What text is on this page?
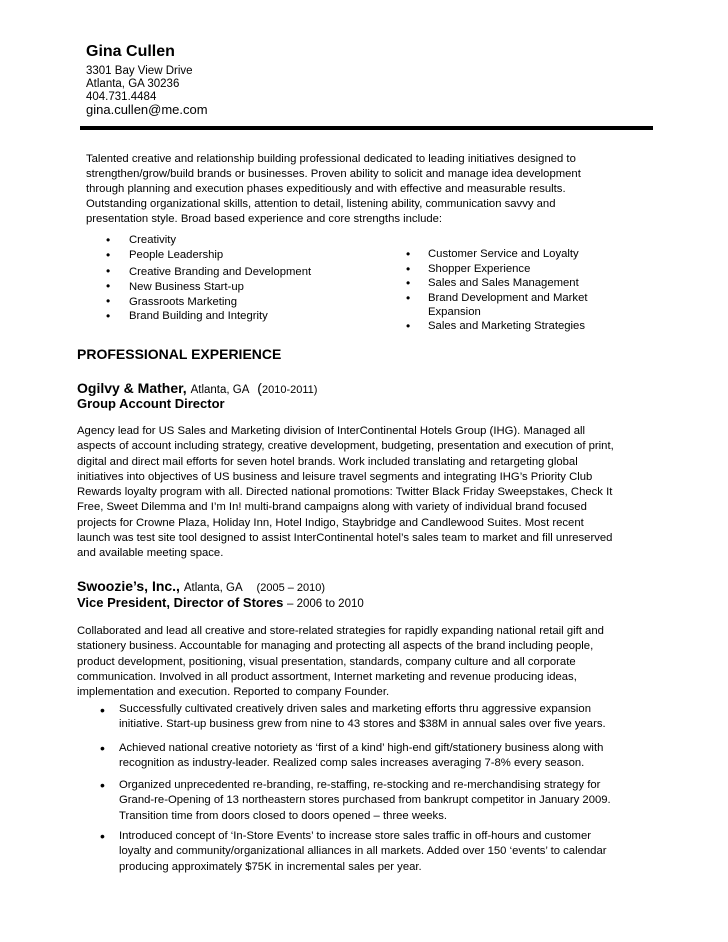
Gina Cullen
3301 Bay View Drive
Atlanta, GA 30236
404.731.4484
gina.cullen@me.com
Talented creative and relationship building professional dedicated to leading initiatives designed to
strengthen/grow/build brands or businesses. Proven ability to solicit and manage idea development
through planning and execution phases expeditiously and with effective and measurable results.
Outstanding organizational skills, attention to detail, listening ability, communication savvy and
presentation style. Broad based experience and core strengths include:
• Creativity
• People Leadership
• Creative Branding and Development
• New Business Start-up
• Grassroots Marketing
• Brand Building and Integrity
• Customer Service and Loyalty
• Shopper Experience
• Sales and Sales Management
• Brand Development and Market
Expansion
• Sales and Marketing Strategies
PROFESSIONAL EXPERIENCE
Ogilvy & Mather, Atlanta, GA (2010-2011)
Group Account Director
Agency lead for US Sales and Marketing division of InterContinental Hotels Group (IHG). Managed all
aspects of account including strategy, creative development, budgeting, presentation and execution of print,
digital and direct mail efforts for seven hotel brands. Work included translating and retargeting global
initiatives into objectives of US business and leisure travel segments and integrating IHG’s Priority Club
Rewards loyalty program with all. Directed national promotions: Twitter Black Friday Sweepstakes, Check It
Free, Sweet Dilemma and I’m In! multi-brand campaigns along with variety of individual brand focused
projects for Crowne Plaza, Holiday Inn, Hotel Indigo, Staybridge and Candlewood Suites. Most recent
launch was test site tool designed to assist InterContinental hotel’s sales team to market and fill unreserved
and available meeting space.
Swoozie’s, Inc., Atlanta, GA (2005 – 2010)
Vice President, Director of Stores – 2006 to 2010
Collaborated and lead all creative and store-related strategies for rapidly expanding national retail gift and
stationery business. Accountable for managing and protecting all aspects of the brand including people,
product development, positioning, visual presentation, standards, company culture and all corporate
communication. Involved in all product assortment, Internet marketing and revenue producing ideas,
implementation and execution. Reported to company Founder.
• Successfully cultivated creatively driven sales and marketing efforts thru aggressive expansion
initiative. Start-up business grew from nine to 43 stores and $38M in annual sales over five years.
• Achieved national creative notoriety as ‘first of a kind’ high-end gift/stationery business along with
recognition as industry-leader. Realized comp sales increases averaging 7-8% every season.
• Organized unprecedented re-branding, re-staffing, re-stocking and re-merchandising strategy for
Grand-re-Opening of 13 northeastern stores purchased from bankrupt competitor in January 2009.
Transition time from doors closed to doors opened – three weeks.
• Introduced concept of ‘In-Store Events’ to increase store sales traffic in off-hours and customer
loyalty and community/organizational alliances in all markets. Added over 150 ‘events’ to calendar
producing approximately $75K in incremental sales per year.
